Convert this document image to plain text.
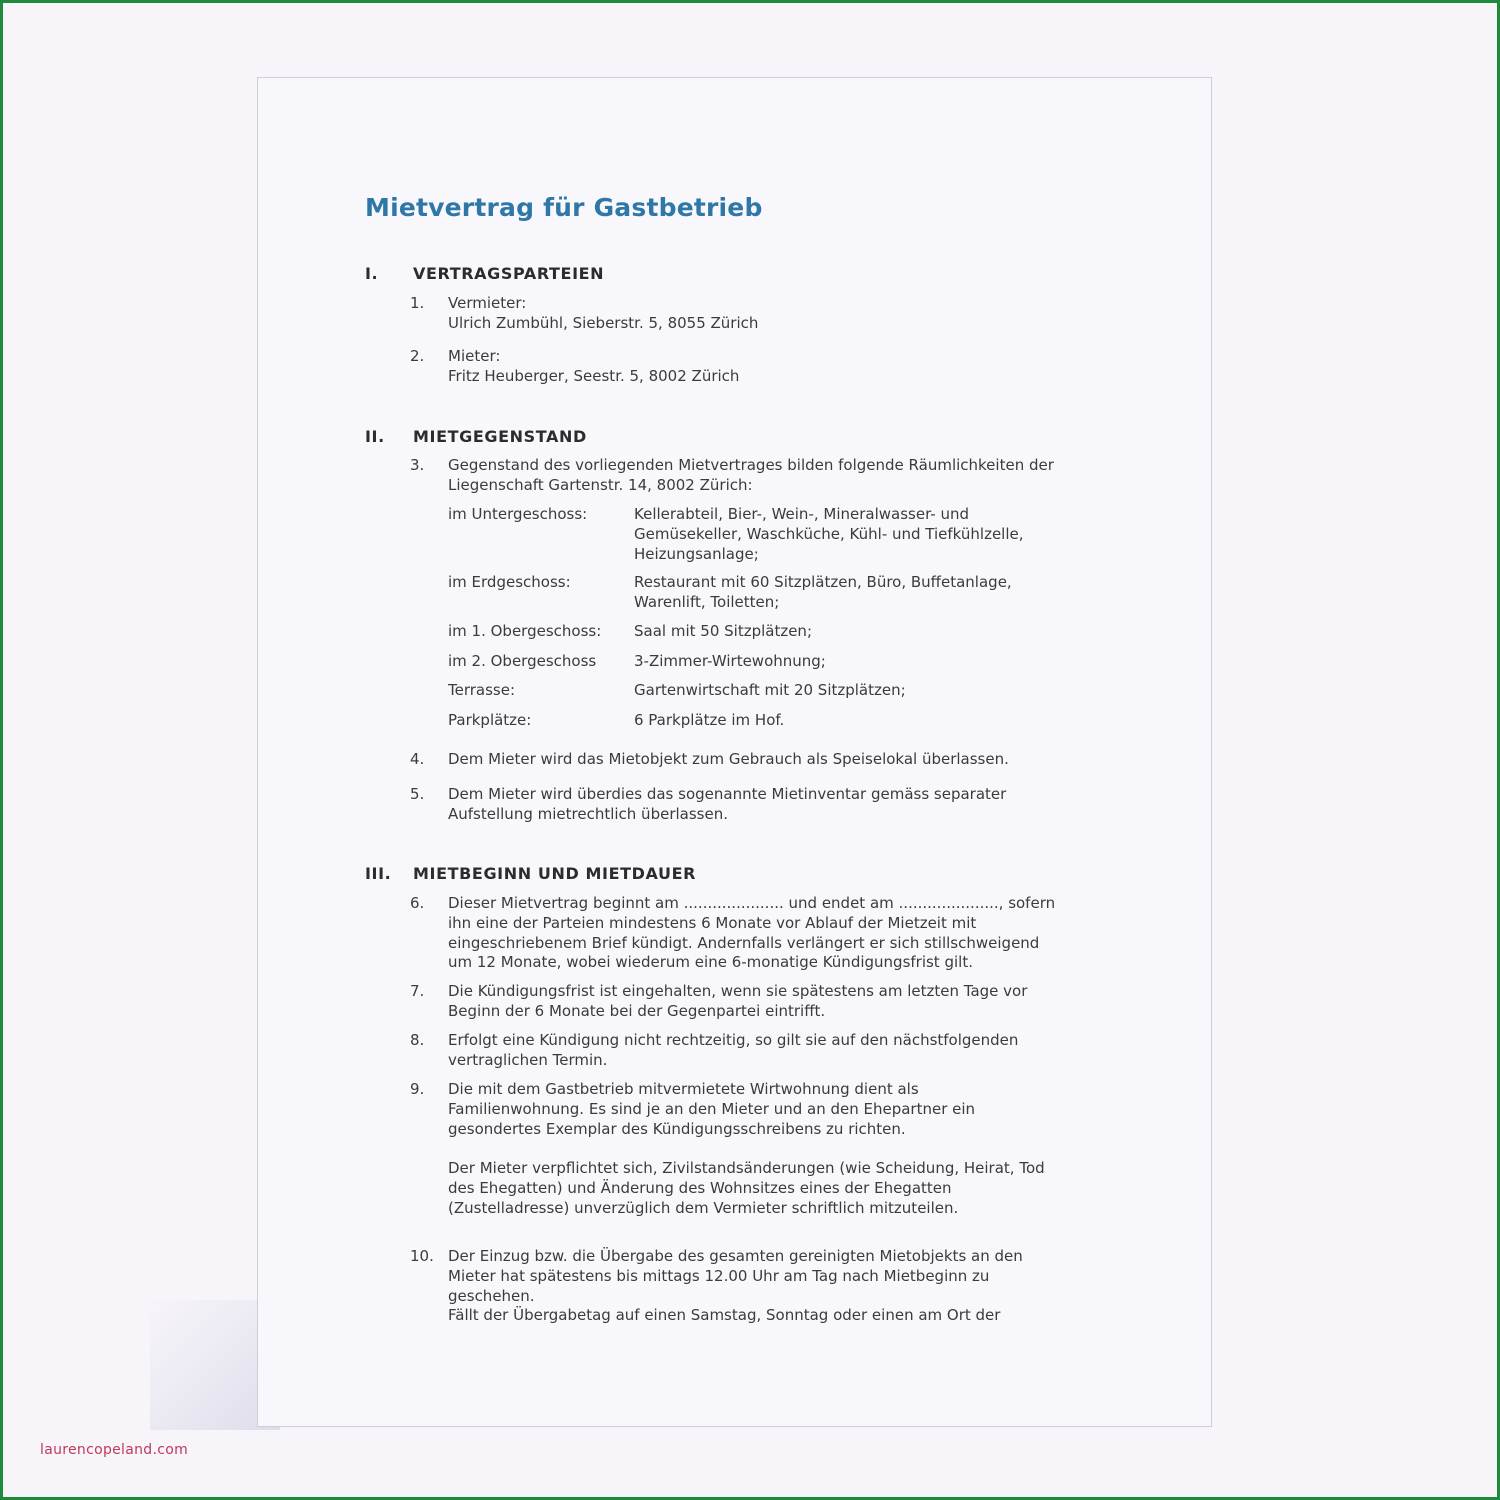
Mietvertrag für Gastbetrieb
I. VERTRAGSPARTEIEN
1.	Vermieter:
Ulrich Zumbühl, Sieberstr. 5, 8055 Zürich
2.	Mieter:
Fritz Heuberger, Seestr. 5, 8002 Zürich
II. MIETGEGENSTAND
3.	Gegenstand des vorliegenden Mietvertrages bilden folgende Räumlichkeiten der
Liegenschaft Gartenstr. 14, 8002 Zürich:
im Untergeschoss:	Kellerabteil, Bier-, Wein-, Mineralwasser- und
Gemüsekeller, Waschküche, Kühl- und Tiefkühlzelle,
Heizungsanlage;
im Erdgeschoss:	Restaurant mit 60 Sitzplätzen, Büro, Buffetanlage,
Warenlift, Toiletten;
im 1. Obergeschoss: Saal mit 50 Sitzplätzen;
im 2. Obergeschoss	3-Zimmer-Wirtewohnung;
Terrasse:	Gartenwirtschaft mit 20 Sitzplätzen;
Parkplätze:	6 Parkplätze im Hof.
4.	Dem Mieter wird das Mietobjekt zum Gebrauch als Speiselokal überlassen.
5.	Dem Mieter wird überdies das sogenannte Mietinventar gemäss separater
Aufstellung mietrechtlich überlassen.
III. MIETBEGINN UND MIETDAUER
6.	Dieser Mietvertrag beginnt am ..................... und endet am ....................., sofern
ihn eine der Parteien mindestens 6 Monate vor Ablauf der Mietzeit mit
eingeschriebenem Brief kündigt. Andernfalls verlängert er sich stillschweigend
um 12 Monate, wobei wiederum eine 6-monatige Kündigungsfrist gilt.
7.	Die Kündigungsfrist ist eingehalten, wenn sie spätestens am letzten Tage vor
Beginn der 6 Monate bei der Gegenpartei eintrifft.
8.	Erfolgt eine Kündigung nicht rechtzeitig, so gilt sie auf den nächstfolgenden
vertraglichen Termin.
9.	Die mit dem Gastbetrieb mitvermietete Wirtwohnung dient als
Familienwohnung. Es sind je an den Mieter und an den Ehepartner ein
gesondertes Exemplar des Kündigungsschreibens zu richten.
Der Mieter verpflichtet sich, Zivilstandsänderungen (wie Scheidung, Heirat, Tod
des Ehegatten) und Änderung des Wohnsitzes eines der Ehegatten
(Zustelladresse) unverzüglich dem Vermieter schriftlich mitzuteilen.
10. Der Einzug bzw. die Übergabe des gesamten gereinigten Mietobjekts an den
Mieter hat spätestens bis mittags 12.00 Uhr am Tag nach Mietbeginn zu
geschehen.
Fällt der Übergabetag auf einen Samstag, Sonntag oder einen am Ort der
laurencopeland.com
